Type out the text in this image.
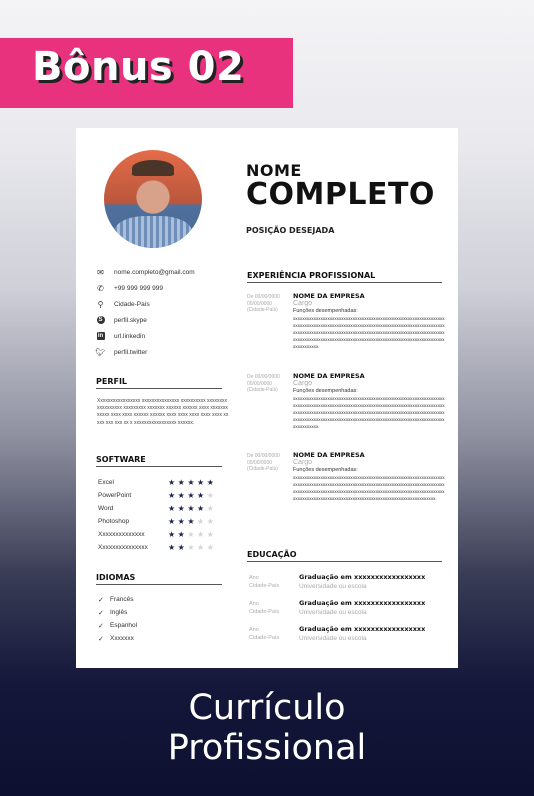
Bônus 02
NOME
COMPLETO
POSIÇÃO DESEJADA
✉ nome.completo@gmail.com
✆ +99 999 999 999
⚲ Cidade-País
S	perfil.skype
in url.linkedin
🐦︎ perfil.twitter
PERFIL
Xxxxxxxxxxxxxxxxx xxxxxxxxxxxxxxx xxxxxxxxxx xxxxxxxx xxxxxxxxxx xxxxxxxxx xxxxxxx xxxxxx xxxxxx xxxx xxxxxxx xxxxx xxxx xxxx xxxxxx xxxxxx xxxx xxxx xxxx xxxx xxxx xx xxx xxx xxx xx x xxxxxxxxxxxxxxxxx xxxxxx.
SOFTWARE
Excel	★★★★★
PowerPoint	★★★★★
Word	★★★★★
Photoshop	★★★★★
Xxxxxxxxxxxxxx	★★★★★
Xxxxxxxxxxxxxxx	★★★★★
IDIOMAS
✓ Francês
✓ Inglês
✓ Espanhol
✓ Xxxxxxx
EXPERIÊNCIA PROFISSIONAL
De 00/00/0000 00/00/0000 (Cidade-País)
NOME DA EMPRESA
Cargo
Funções desempenhadas:
xxxxxxxxxxxxxxxxxxxxxxxxxxxxxxxxxxxxxxxxxxxxxxxxxxxxxxxxxxxxxxxxxxxxxxxxxxxxxxxxxxxxxxxxxxxxxxxxxxxxxxxxxxxxxxxxxxxxxxxxxxxxxxxxxxxxxxxxxxxxxxxxxxxxxxxxxxxxxxxxxxxxxxxxxxxxxxxxxxxxxxxxxxxxxxxxxxxxxxxxxxxxxxxxxxxxxxxxxxxxxxxxxxxxxxxxxxxxxxxxxxxxxxxxxxxxxxxxxxxxxxxxxxxxxxxxxxx.
De 00/00/0000 00/00/0000 (Cidade-País)
NOME DA EMPRESA
Cargo
Funções desempenhadas:
xxxxxxxxxxxxxxxxxxxxxxxxxxxxxxxxxxxxxxxxxxxxxxxxxxxxxxxxxxxxxxxxxxxxxxxxxxxxxxxxxxxxxxxxxxxxxxxxxxxxxxxxxxxxxxxxxxxxxxxxxxxxxxxxxxxxxxxxxxxxxxxxxxxxxxxxxxxxxxxxxxxxxxxxxxxxxxxxxxxxxxxxxxxxxxxxxxxxxxxxxxxxxxxxxxxxxxxxxxxxxxxxxxxxxxxxxxxxxxxxxxxxxxxxxxxxxxxxxxxxxxxxxxxxxxxxxxx.
De 00/00/0000 00/00/0000 (Cidade-País)
NOME DA EMPRESA
Cargo
Funções desempenhadas:
xxxxxxxxxxxxxxxxxxxxxxxxxxxxxxxxxxxxxxxxxxxxxxxxxxxxxxxxxxxxxxxxxxxxxxxxxxxxxxxxxxxxxxxxxxxxxxxxxxxxxxxxxxxxxxxxxxxxxxxxxxxxxxxxxxxxxxxxxxxxxxxxxxxxxxxxxxxxxxxxxxxxxxxxxxxxxxxxxxxxxxxxxxxxxxxxxxxxxxxxxxxxxxxxxxxxxxxxxxxxxxxxxxxxxxxxxxxxxxxxxxxxxxxxxxxxxxxxxxxx.
EDUCAÇÃO
Ano
Cidade-País
Graduação em xxxxxxxxxxxxxxxxx
Universidade ou escola
Ano
Cidade-País
Graduação em xxxxxxxxxxxxxxxxx
Universidade ou escola
Ano
Cidade-País
Graduação em xxxxxxxxxxxxxxxxx
Universidade ou escola
Currículo
Profissional
